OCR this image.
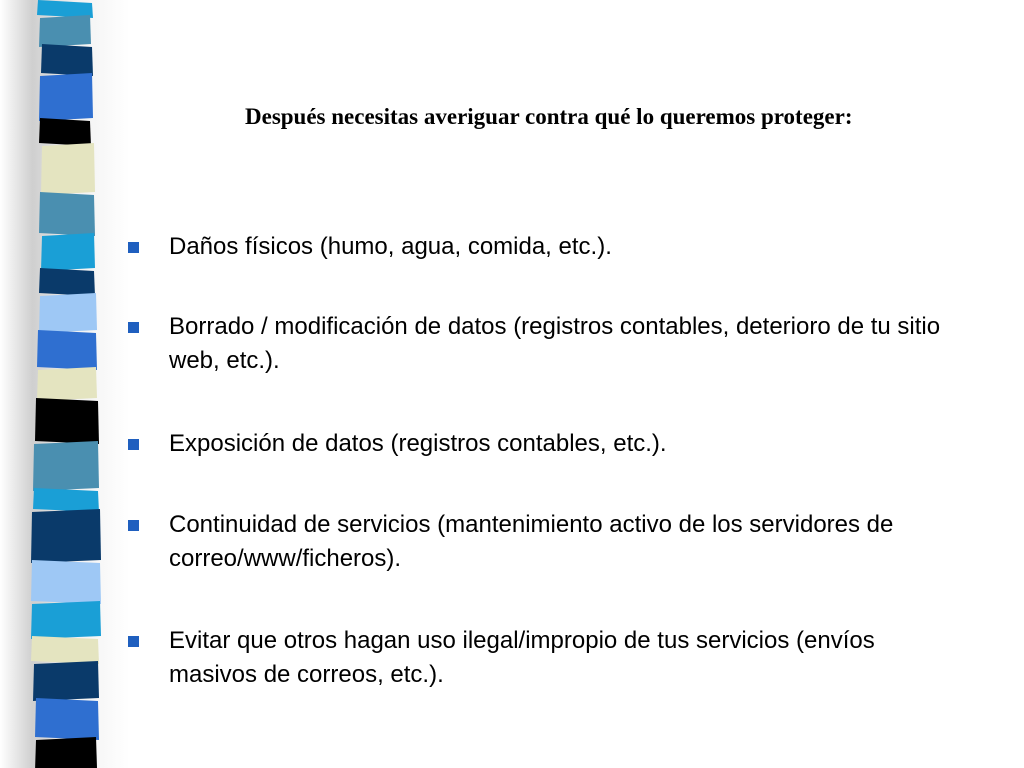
Después necesitas averiguar contra qué lo queremos proteger:

Daños físicos (humo, agua, comida, etc.).
Borrado / modificación de datos (registros contables, deterioro de tu sitio web, etc.).
Exposición de datos (registros contables, etc.).
Continuidad de servicios (mantenimiento activo de los servidores de correo/www/ficheros).
Evitar que otros hagan uso ilegal/impropio de tus servicios (envíos masivos de correos, etc.).
